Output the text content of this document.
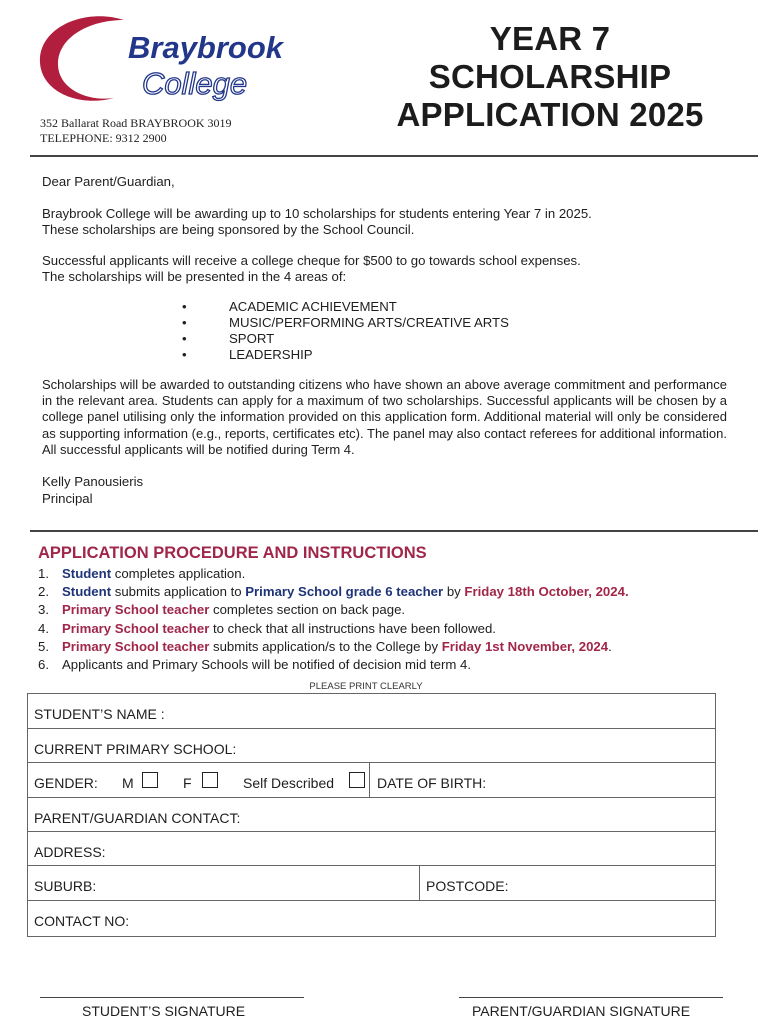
Braybrook
College
352 Ballarat Road BRAYBROOK 3019
TELEPHONE: 9312 2900
YEAR 7
SCHOLARSHIP
APPLICATION 2025
Dear Parent/Guardian,
Braybrook College will be awarding up to 10 scholarships for students entering Year 7 in 2025.
These scholarships are being sponsored by the School Council.
Successful applicants will receive a college cheque for $500 to go towards school expenses.
The scholarships will be presented in the 4 areas of:
•	ACADEMIC ACHIEVEMENT
•	MUSIC/PERFORMING ARTS/CREATIVE ARTS
•	SPORT
•	LEADERSHIP
Scholarships will be awarded to outstanding citizens who have shown an above average commitment and performance in the relevant area. Students can apply for a maximum of two scholarships. Successful applicants will be chosen by a college panel utilising only the information provided on this application form. Additional material will only be considered as supporting information (e.g., reports, certificates etc). The panel may also contact referees for additional information. All successful applicants will be notified during Term 4.
Kelly Panousieris
Principal
APPLICATION PROCEDURE AND INSTRUCTIONS
1. Student completes application.
2. Student submits application to Primary School grade 6 teacher by Friday 18th October, 2024.
3. Primary School teacher completes section on back page.
4. Primary School teacher to check that all instructions have been followed.
5. Primary School teacher submits application/s to the College by Friday 1st November, 2024.
6. Applicants and Primary Schools will be notified of decision mid term 4.
PLEASE PRINT CLEARLY
STUDENT’S NAME :
CURRENT PRIMARY SCHOOL:
GENDER: M	F	Self Described	DATE OF BIRTH:
PARENT/GUARDIAN CONTACT:
ADDRESS:
SUBURB:	POSTCODE:
CONTACT NO:
STUDENT’S SIGNATURE	PARENT/GUARDIAN SIGNATURE
